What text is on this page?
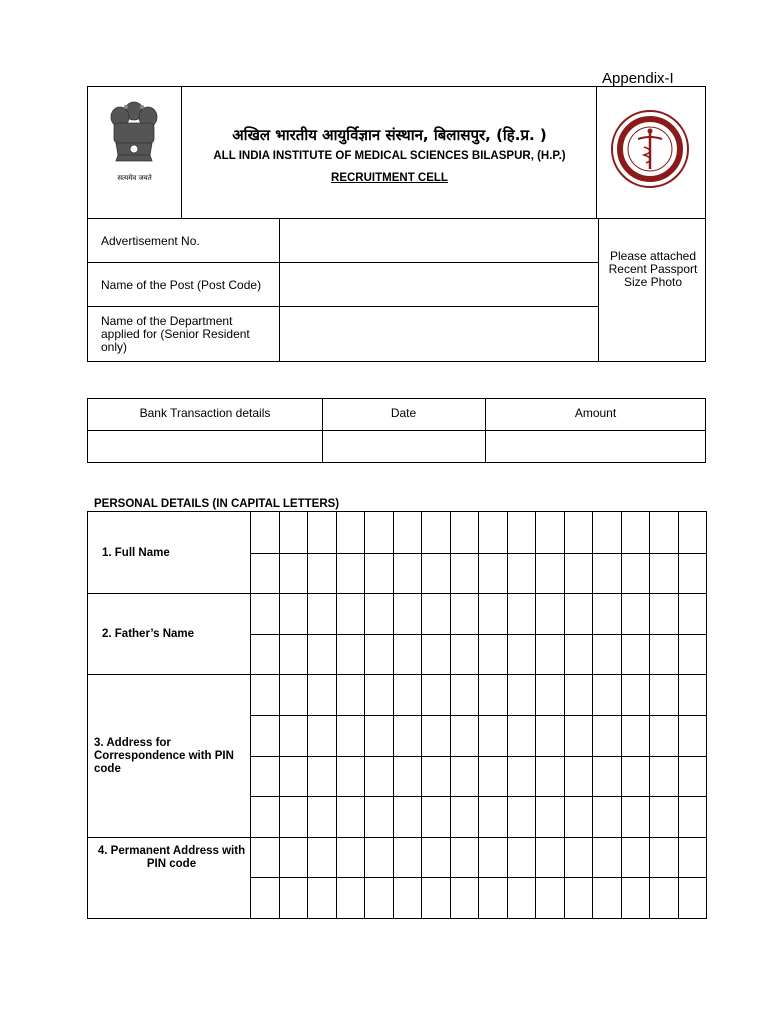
Appendix-I
सत्यमेव जयते
अखिल भारतीय आयुर्विज्ञान संस्थान, बिलासपुर, (हि.प्र. )
ALL INDIA INSTITUTE OF MEDICAL SCIENCES BILASPUR, (H.P.)
RECRUITMENT CELL
Advertisement No.
Name of the Post (Post Code)
Name of the Department applied for (Senior Resident only)
Please attached Recent Passport Size Photo
Bank Transaction details	Date	Amount
PERSONAL DETAILS (IN CAPITAL LETTERS)
1. Full Name
2. Father’s Name
3. Address for Correspondence with PIN code
4. Permanent Address with PIN code
